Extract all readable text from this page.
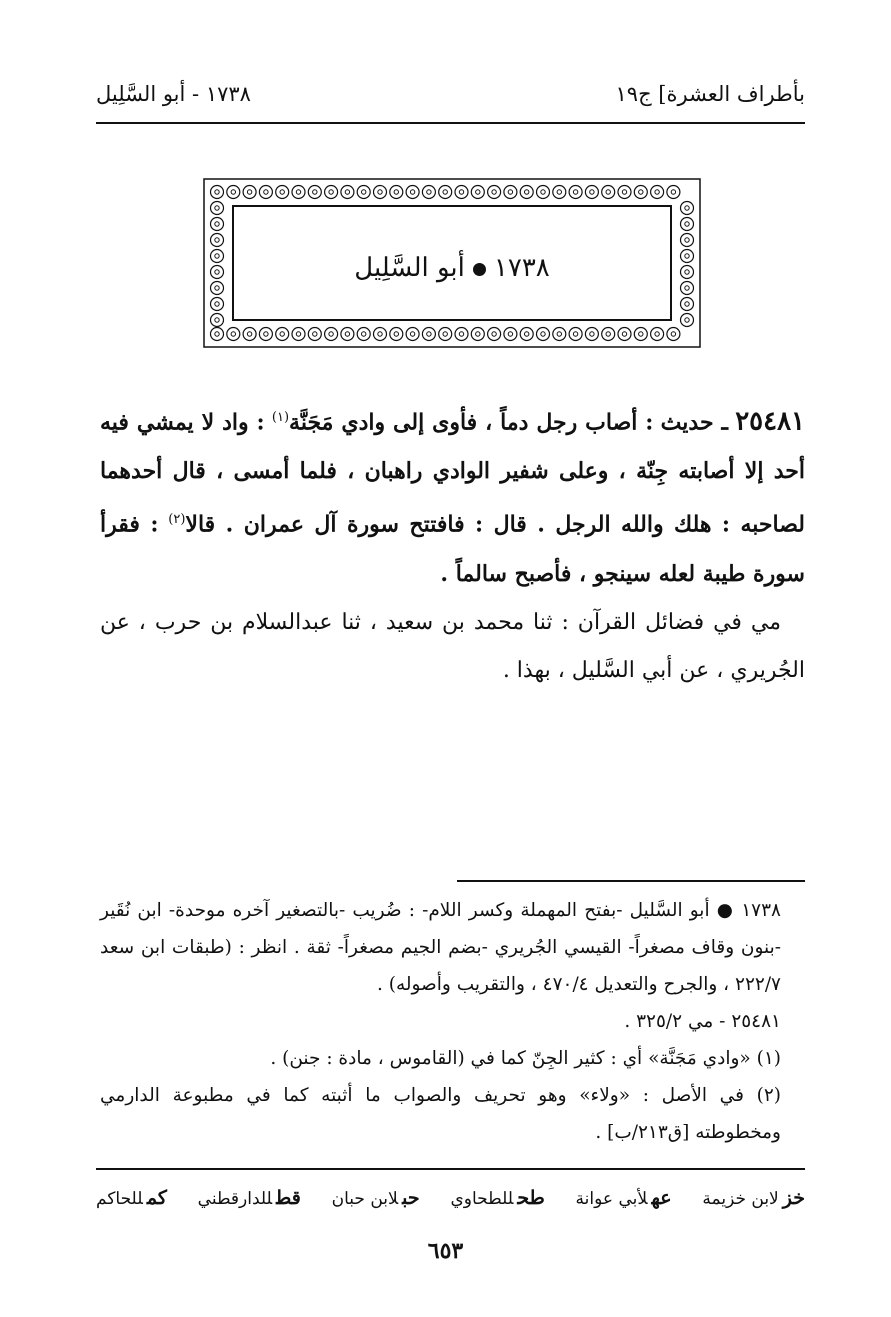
بأطراف العشرة] ج١٩
١٧٣٨ - أبو السَّلِيل
١٧٣٨أبو السَّلِيل

٢٥٤٨١ ـ حديث : أصاب رجل دماً ، فأوى إلى وادي مَجَنَّة$^{(١)}$ : واد لا يمشي فيه أحد إلا أصابته جِنّة ، وعلى شفير الوادي راهبان ، فلما أمسى ، قال أحدهما لصاحبه : هلك والله الرجل . قال : فافتتح سورة آل عمران . قالا$^{(٢)}$ : فقرأ سورة طيبة لعله سينجو ، فأصبح سالماً .

مي في فضائل القرآن : ثنا محمد بن سعيد ، ثنا عبدالسلام بن حرب ، عن الجُريري ، عن أبي السَّليل ، بهذا .

١٧٣٨ ● أبو السَّليل -بفتح المهملة وكسر اللام- : ضُريب -بالتصغير آخره موحدة- ابن نُقَير -بنون وقاف مصغراً- القيسي الجُريري -بضم الجيم مصغراً- ثقة . انظر : (طبقات ابن سعد ٢٢٢/٧ ، والجرح والتعديل ٤٧٠/٤ ، والتقريب وأصوله) .

٢٥٤٨١ - مي ٣٢٥/٢ .

(١) «وادي مَجَنَّة» أي : كثير الجِنّ كما في (القاموس ، مادة : جنن) .

(٢) في الأصل : «ولاء» وهو تحريف والصواب ما أثبته كما في مطبوعة الدارمي ومخطوطته [ق٢١٣/ب] .

خزلابن خزيمة
عهلأبي عوانة
طحللطحاوي
حبلابن حبان
قطللدارقطني
كمللحاكم
٦٥٣
